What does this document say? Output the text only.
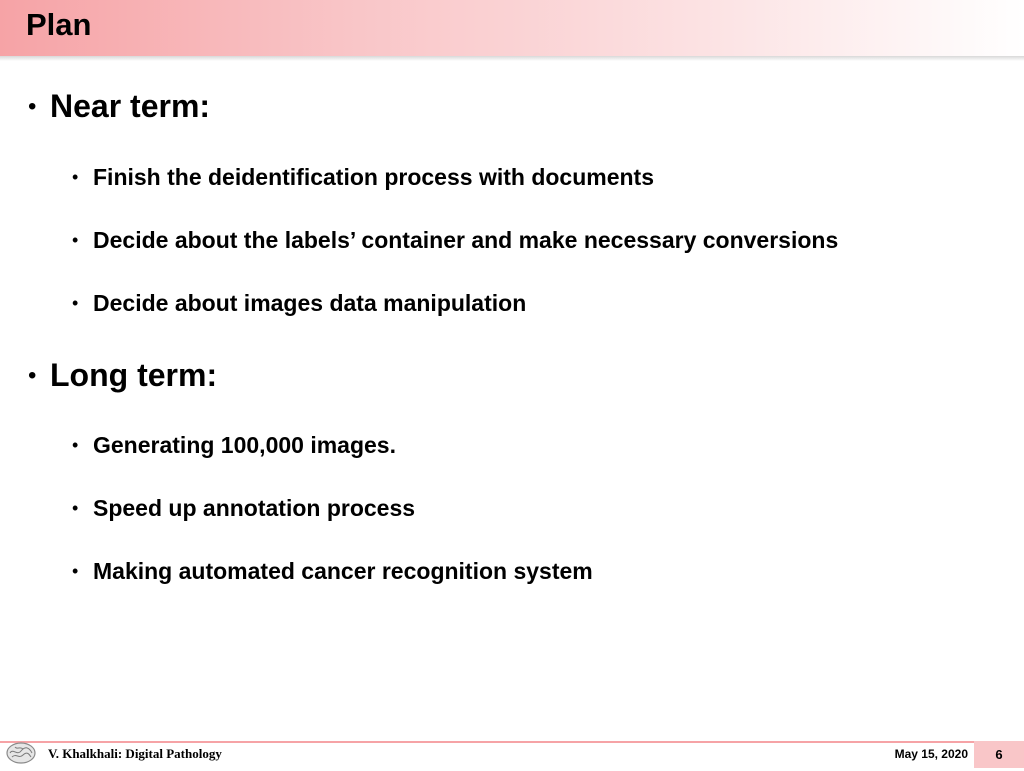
Plan
• Near term:
• Finish the deidentification process with documents
• Decide about the labels’ container and make necessary conversions
• Decide about images data manipulation
• Long term:
• Generating 100,000 images.
• Speed up annotation process
• Making automated cancer recognition system
V. Khalkhali: Digital Pathology	May 15, 2020	6
